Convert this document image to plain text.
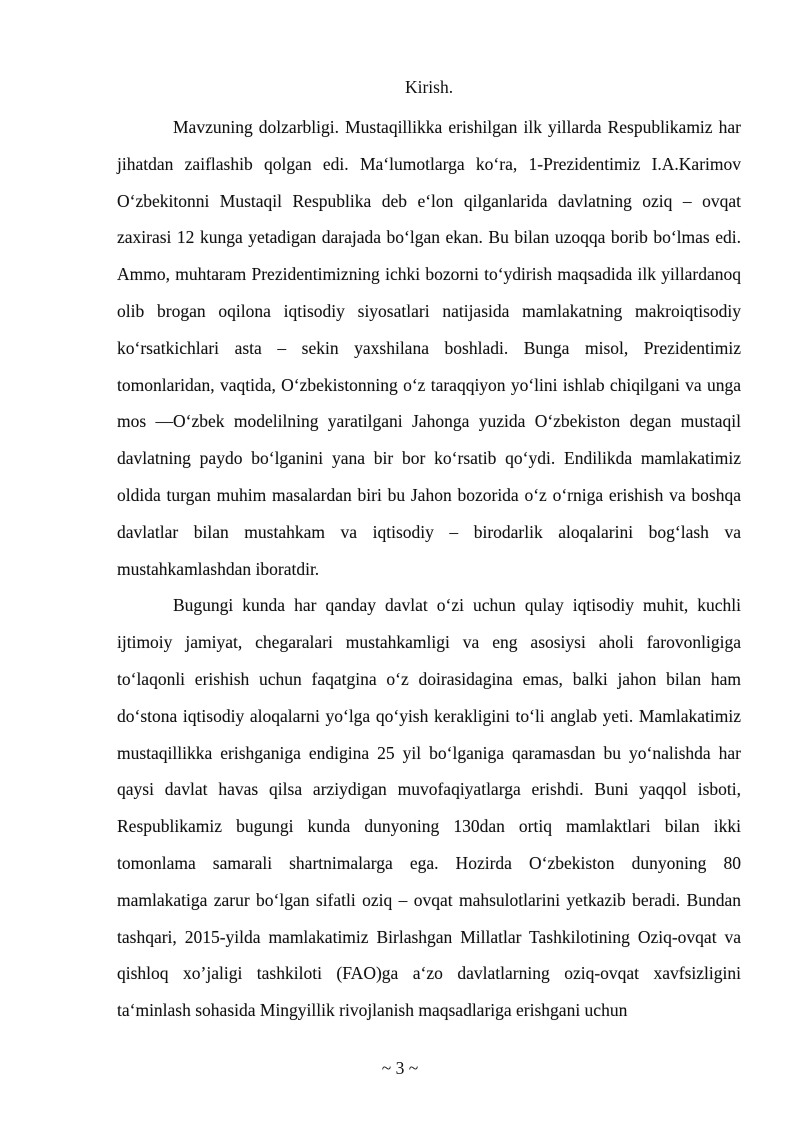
Kirish.

Mavzuning dolzarbligi. Mustaqillikka erishilgan ilk yillarda Respublikamiz har jihatdan zaiflashib qolgan edi. Maʻlumotlarga koʻra, 1-Prezidentimiz I.A.Karimov Oʻzbekitonni Mustaqil Respublika deb eʻlon qilganlarida davlatning oziq – ovqat zaxirasi 12 kunga yetadigan darajada boʻlgan ekan. Bu bilan uzoqqa borib boʻlmas edi. Ammo, muhtaram Prezidentimizning ichki bozorni toʻydirish maqsadida ilk yillardanoq olib brogan oqilona iqtisodiy siyosatlari natijasida mamlakatning makroiqtisodiy koʻrsatkichlari asta – sekin yaxshilana boshladi. Bunga misol, Prezidentimiz tomonlaridan, vaqtida, Oʻzbekistonning oʻz taraqqiyon yoʻlini ishlab chiqilgani va unga mos —Oʻzbek modelilning yaratilgani Jahonga yuzida Oʻzbekiston degan mustaqil davlatning paydo boʻlganini yana bir bor koʻrsatib qoʻydi. Endilikda mamlakatimiz oldida turgan muhim masalardan biri bu Jahon bozorida oʻz oʻrniga erishish va boshqa davlatlar bilan mustahkam va iqtisodiy – birodarlik aloqalarini bogʻlash va mustahkamlashdan iboratdir.

Bugungi kunda har qanday davlat oʻzi uchun qulay iqtisodiy muhit, kuchli ijtimoiy jamiyat, chegaralari mustahkamligi va eng asosiysi aholi farovonligiga toʻlaqonli erishish uchun faqatgina oʻz doirasidagina emas, balki jahon bilan ham doʻstona iqtisodiy aloqalarni yoʻlga qoʻyish kerakligini toʻli anglab yeti. Mamlakatimiz mustaqillikka erishganiga endigina 25 yil boʻlganiga qaramasdan bu yoʻnalishda har qaysi davlat havas qilsa arziydigan muvofaqiyatlarga erishdi. Buni yaqqol isboti, Respublikamiz bugungi kunda dunyoning 130dan ortiq mamlaktlari bilan ikki tomonlama samarali shartnimalarga ega. Hozirda Oʻzbekiston dunyoning 80 mamlakatiga zarur boʻlgan sifatli oziq – ovqat mahsulotlarini yetkazib beradi. Bundan tashqari, 2015-yilda mamlakatimiz Birlashgan Millatlar Tashkilotining Oziq-ovqat va qishloq xoʼjaligi tashkiloti (FAO)ga aʻzo davlatlarning oziq-ovqat xavfsizligini taʻminlash sohasida Mingyillik rivojlanish maqsadlariga erishgani uchun

~ 3 ~
